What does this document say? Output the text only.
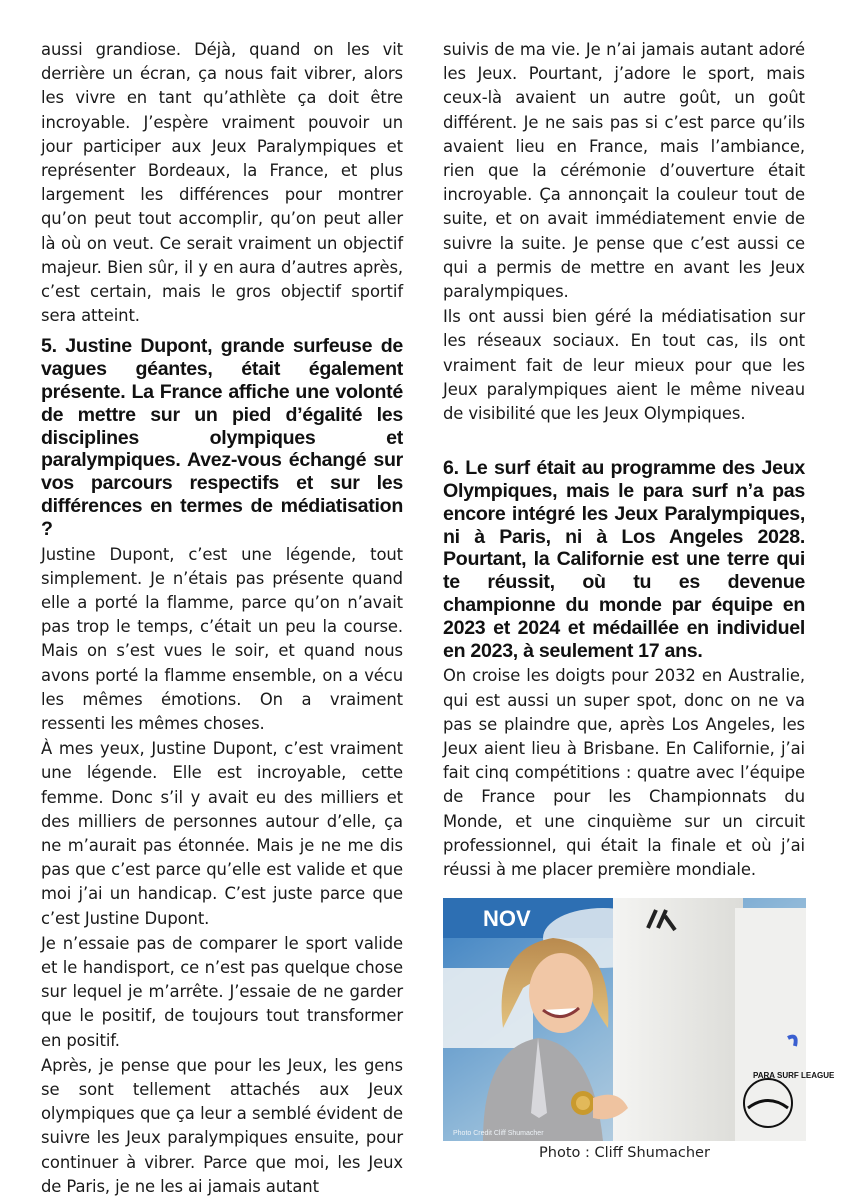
aussi grandiose. Déjà, quand on les vit derrière un écran, ça nous fait vibrer, alors les vivre en tant qu’athlète ça doit être incroyable. J’espère vraiment pouvoir un jour participer aux Jeux Paralympiques et représenter Bordeaux, la France, et plus largement les différences pour montrer qu’on peut tout accomplir, qu’on peut aller là où on veut. Ce serait vraiment un objectif majeur. Bien sûr, il y en aura d’autres après, c’est certain, mais le gros objectif sportif sera atteint.

5. Justine Dupont, grande surfeuse de vagues géantes, était également présente. La France affiche une volonté de mettre sur un pied d’égalité les disciplines olympiques et paralympiques. Avez-vous échangé sur vos parcours respectifs et sur les différences en termes de médiatisation ?

Justine Dupont, c’est une légende, tout simplement. Je n’étais pas présente quand elle a porté la flamme, parce qu’on n’avait pas trop le temps, c’était un peu la course. Mais on s’est vues le soir, et quand nous avons porté la flamme ensemble, on a vécu les mêmes émotions. On a vraiment ressenti les mêmes choses.

À mes yeux, Justine Dupont, c’est vraiment une légende. Elle est incroyable, cette femme. Donc s’il y avait eu des milliers et des milliers de personnes autour d’elle, ça ne m’aurait pas étonnée. Mais je ne me dis pas que c’est parce qu’elle est valide et que moi j’ai un handicap. C’est juste parce que c’est Justine Dupont.

Je n’essaie pas de comparer le sport valide et le handisport, ce n’est pas quelque chose sur lequel je m’arrête. J’essaie de ne garder que le positif, de toujours tout transformer en positif.

Après, je pense que pour les Jeux, les gens se sont tellement attachés aux Jeux olympiques que ça leur a semblé évident de suivre les Jeux paralympiques ensuite, pour continuer à vibrer. Parce que moi, les Jeux de Paris, je ne les ai jamais autant

suivis de ma vie. Je n’ai jamais autant adoré les Jeux. Pourtant, j’adore le sport, mais ceux-là avaient un autre goût, un goût différent. Je ne sais pas si c’est parce qu’ils avaient lieu en France, mais l’ambiance, rien que la cérémonie d’ouverture était incroyable. Ça annonçait la couleur tout de suite, et on avait immédiatement envie de suivre la suite. Je pense que c’est aussi ce qui a permis de mettre en avant les Jeux paralympiques.

Ils ont aussi bien géré la médiatisation sur les réseaux sociaux. En tout cas, ils ont vraiment fait de leur mieux pour que les Jeux paralympiques aient le même niveau de visibilité que les Jeux Olympiques.

6. Le surf était au programme des Jeux Olympiques, mais le para surf n’a pas encore intégré les Jeux Paralympiques, ni à Paris, ni à Los Angeles 2028. Pourtant, la Californie est une terre qui te réussit, où tu es devenue championne du monde par équipe en 2023 et 2024 et médaillée en individuel en 2023, à seulement 17 ans.

On croise les doigts pour 2032 en Australie, qui est aussi un super spot, donc on ne va pas se plaindre que, après Los Angeles, les Jeux aient lieu à Brisbane. En Californie, j’ai fait cinq compétitions : quatre avec l’équipe de France pour les Championnats du Monde, et une cinquième sur un circuit professionnel, qui était la finale et où j’ai réussi à me placer première mondiale.

NOV
PARA SURF LEAGUE
Photo Credit Cliff Shumacher
Photo : Cliff Shumacher
